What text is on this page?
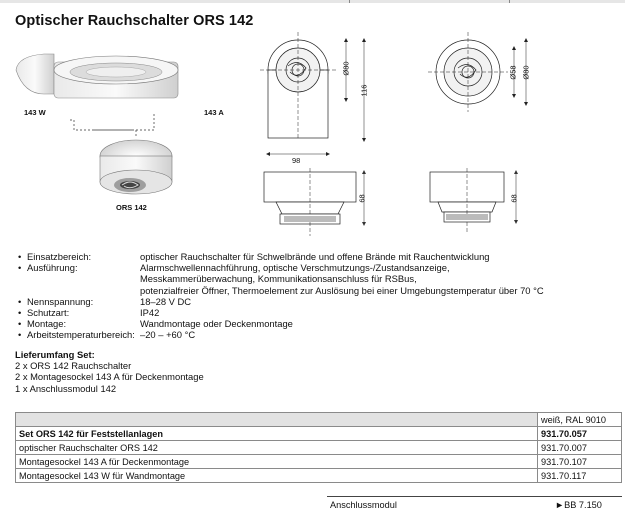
Optischer Rauchschalter ORS 142
143 W	143 A
ORS 142
Ø80
116
98
68
Ø58 Ø80
68
• Einsatzbereich:	optischer Rauchschalter für Schwelbrände und offene Brände mit Rauchentwicklung
• Ausführung:	Alarmschwellennachführung, optische Verschmutzungs-/Zustandsanzeige,
Messkammerüberwachung, Kommunikationsanschluss für RSBus,
potenzialfreier Öffner, Thermoelement zur Auslösung bei einer Umgebungstemperatur über 70 °C
• Nennspannung:	18–28 V DC
• Schutzart:	IP42
• Montage:	Wandmontage oder Deckenmontage
• Arbeitstemperaturbereich: –20 – +60 °C
Lieferumfang Set:
2 x ORS 142 Rauchschalter
2 x Montagesockel 143 A für Deckenmontage
1 x Anschlussmodul 142
	weiß, RAL 9010
Set ORS 142 für Feststellanlagen	931.70.057
optischer Rauchschalter ORS 142	931.70.007
Montagesockel 143 A für Deckenmontage	931.70.107
Montagesockel 143 W für Wandmontage	931.70.117
Anschlussmodul	►BB 7.150
